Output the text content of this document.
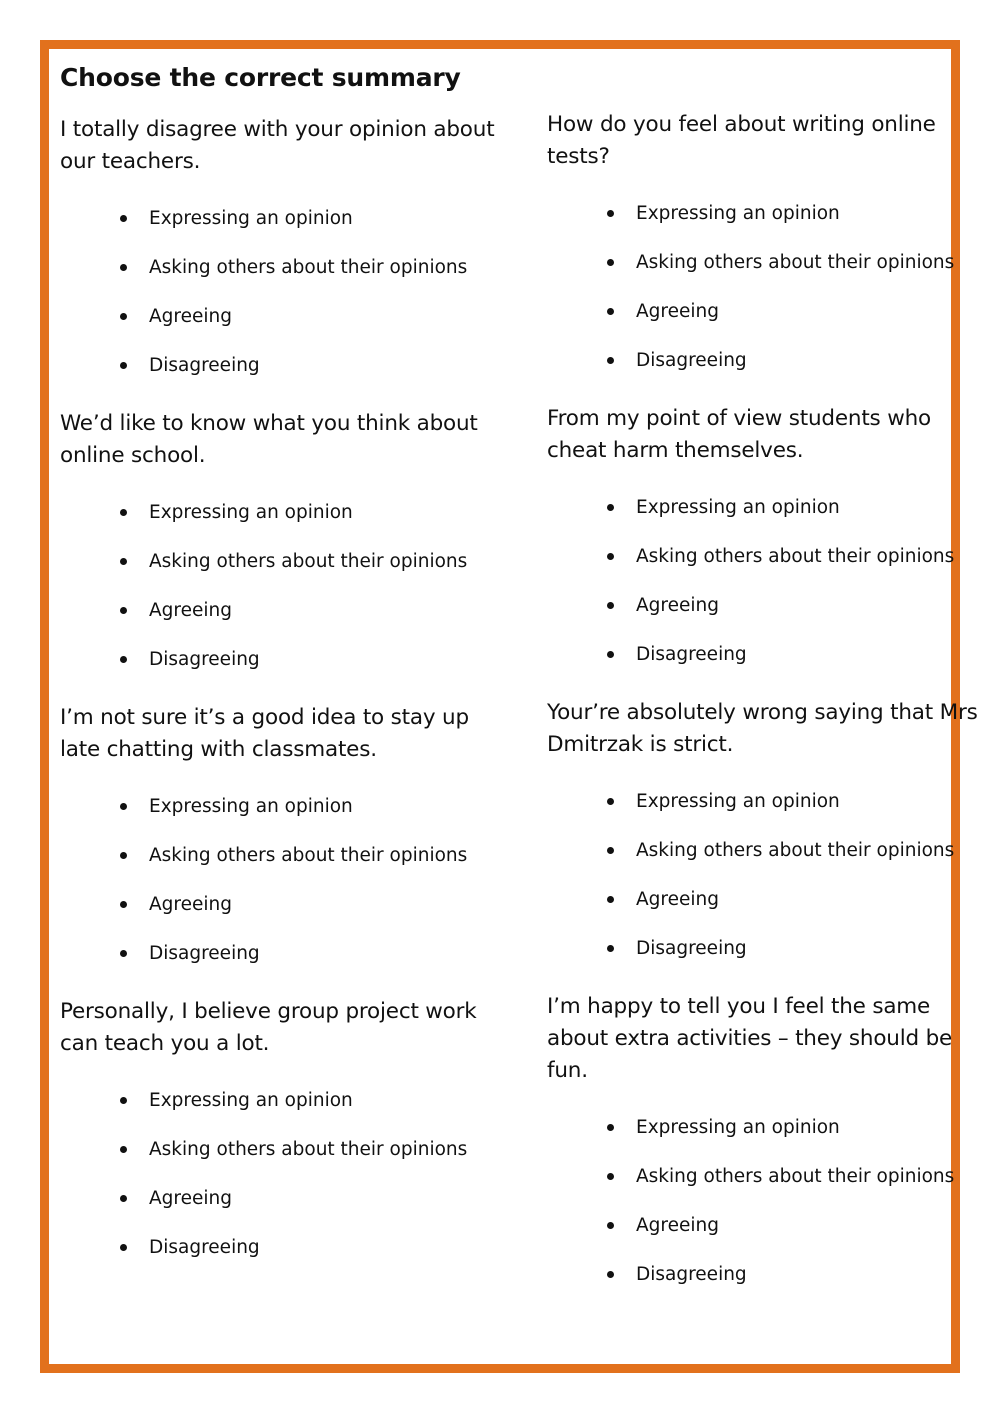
Choose the correct summary

I totally disagree with your opinion about our teachers.

Expressing an opinion
Asking others about their opinions
Agreeing
Disagreeing

How do you feel about writing online tests?

Expressing an opinion
Asking others about their opinions
Agreeing
Disagreeing

We’d like to know what you think about online school.

Expressing an opinion
Asking others about their opinions
Agreeing
Disagreeing

From my point of view students who cheat harm themselves.

Expressing an opinion
Asking others about their opinions
Agreeing
Disagreeing

I’m not sure it’s a good idea to stay up late chatting with classmates.

Expressing an opinion
Asking others about their opinions
Agreeing
Disagreeing

Your’re absolutely wrong saying that Mrs Dmitrzak is strict.

Expressing an opinion
Asking others about their opinions
Agreeing
Disagreeing

Personally, I believe group project work can teach you a lot.

Expressing an opinion
Asking others about their opinions
Agreeing
Disagreeing

I’m happy to tell you I feel the same about extra activities – they should be fun.

Expressing an opinion
Asking others about their opinions
Agreeing
Disagreeing
